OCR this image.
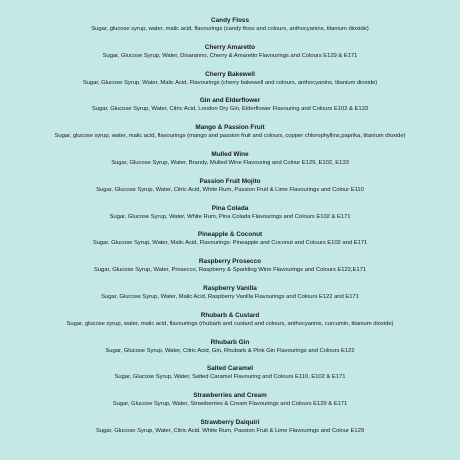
Candy Floss
Sugar, glucose syrup, water, malic acid, flavourings (candy floss and colours, anthocyanins, titanium dioxide)
Cherry Amaretto
Sugar, Glucose Syrup, Water, Disaranno, Cherry & Amaretto Flavourings and Colours E129 & E171
Cherry Bakewell
Sugar, Glucose Syrup, Water, Malic Acid, Flavourings (cherry bakewell and colours, anthocyanins, titanium dioxide)
Gin and Elderflower
Sugar, Glucose Syrup, Water, Citric Acid, London Dry Gin, Elderflower Flavouring and Colours E102 & E133
Mango & Passion Fruit
Sugar, glucose syrup, water, malic acid, flavourings (mango and passion fruit and colours, copper chlorophyllins,paprika, titanium dioxide)
Mulled Wine
Sugar, Glucose Syrup, Water, Brandy, Mulled Wine Flavouring and Colour E129, E102, E133
Passion Fruit Mojito
Sugar, Glucose Syrup, Water, Citric Acid, White Rum, Passion Fruit & Lime Flavourings and Colour E110
Pina Colada
Sugar, Glucose Syrup, Water, White Rum, Pina Colada Flavourings and Colours E102 & E171
Pineapple & Coconut
Sugar, Glucose Syrup, Water, Malic Acid, Flavourings: Pineapple and Coconut and Colours E102 and E171
Raspberry Prosecco
Sugar, Glucose Syrup, Water, Prosecco, Raspberry & Sparkling Wine Flavourings and Colours E122,E171
Raspberry Vanilla
Sugar, Glucose Syrup, Water, Malic Acid, Raspberry Vanilla Flavourings and Colours E122 and E171
Rhubarb & Custard
Sugar, glucose syrup, water, malic acid, flavourings (rhubarb and custard and colours, anthocyanins, curcumin, titanium dioxide)
Rhubarb Gin
Sugar, Glucose Syrup, Water, Citric Acid, Gin, Rhubarb & Pink Gin Flavourings and Colours E122
Salted Caramel
Sugar, Glucose Syrup, Water, Salted Caramel Flavouring and Colours E110, E102 & E171
Strawberries and Cream
Sugar, Glucose Syrup, Water, Strawberries & Cream Flavourings and Colours E129 & E171
Strawberry Daiquiri
Sugar, Glucose Syrup, Water, Citric Acid, White Rum, Passion Fruit & Lime Flavourings and Colour E129
